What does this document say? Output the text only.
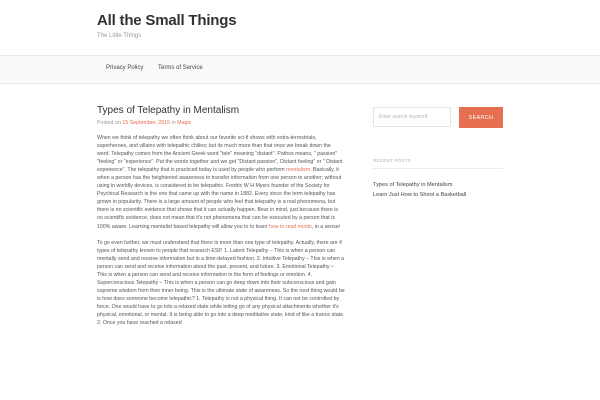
All the Small Things
The Little Things
Privacy Policy Terms of Service
Types of Telepathy in Mentalism
Posted on 15 September, 2015 in Magic

When we think of telepathy we often think about our favorite sci-fi shows with extra-terrestrials, superheroes, and villains with telepathic chilies; but its much more than that once we break down the word. Telepathy comes from the Ancient Greek word "tele" meaning "distant". Pathos means, " passion" "feeling" or "experience". Put the words together and we get "Distant passion", Distant feeling" or " Distant experience". The telepathy that is practiced today is used by people who perform mentalism. Basically, it when a person has the heightened awareness to transfer information from one person to another; without using in worldly devices, is considered to be telepathic. Fredric W H Myers founder of the Society for Psychical Research is the one that came up with the name in 1882. Every since the term telepathy has grown in popularity. There is a large amount of people who feel that telepathy is a real phenomena, but there is no scientific evidence that shows that it can actually happen. Bear in mind, just because there is no scientific evidence, does not mean that it's not phenomena that can be executed by a person that is 100% aware. Learning mentalist based telepathy will allow you to to learn how to read minds, in a sense/

To go even further, we must understand that there is more than one type of telepathy. Actually, there are 4 types of telepathy known to people that research ESP. 1. Latent Telepathy – This is when a person can mentally send and receive information but in a time-delayed fashion. 2. Intuitive Telepathy – This is when a person can send and receive information about the past, present, and future. 3. Emotional Telepathy – This is when a person can send and receive information in the form of feelings or emotion. 4. Superconscious Telepathy – This is when a person can go deep down into their subconscious and gain supreme wisdom from their inner being. This is the ultimate state of awareness. So the next thing would be is how does someone become telepathic? 1. Telepathy is not a physical thing. It can not be controlled by force. One would have to go into a relaxed state while letting go of any physical attachments whether it's physical, emotional, or mental. It is being able to go into a deep meditative state; kind of like a trance state. 2. Once you have reached a relaxed

Enter search keyword
SEARCH
RECENT POSTS
Types of Telepathy in Mentalism
Learn Just How to Shoot a Basketball
